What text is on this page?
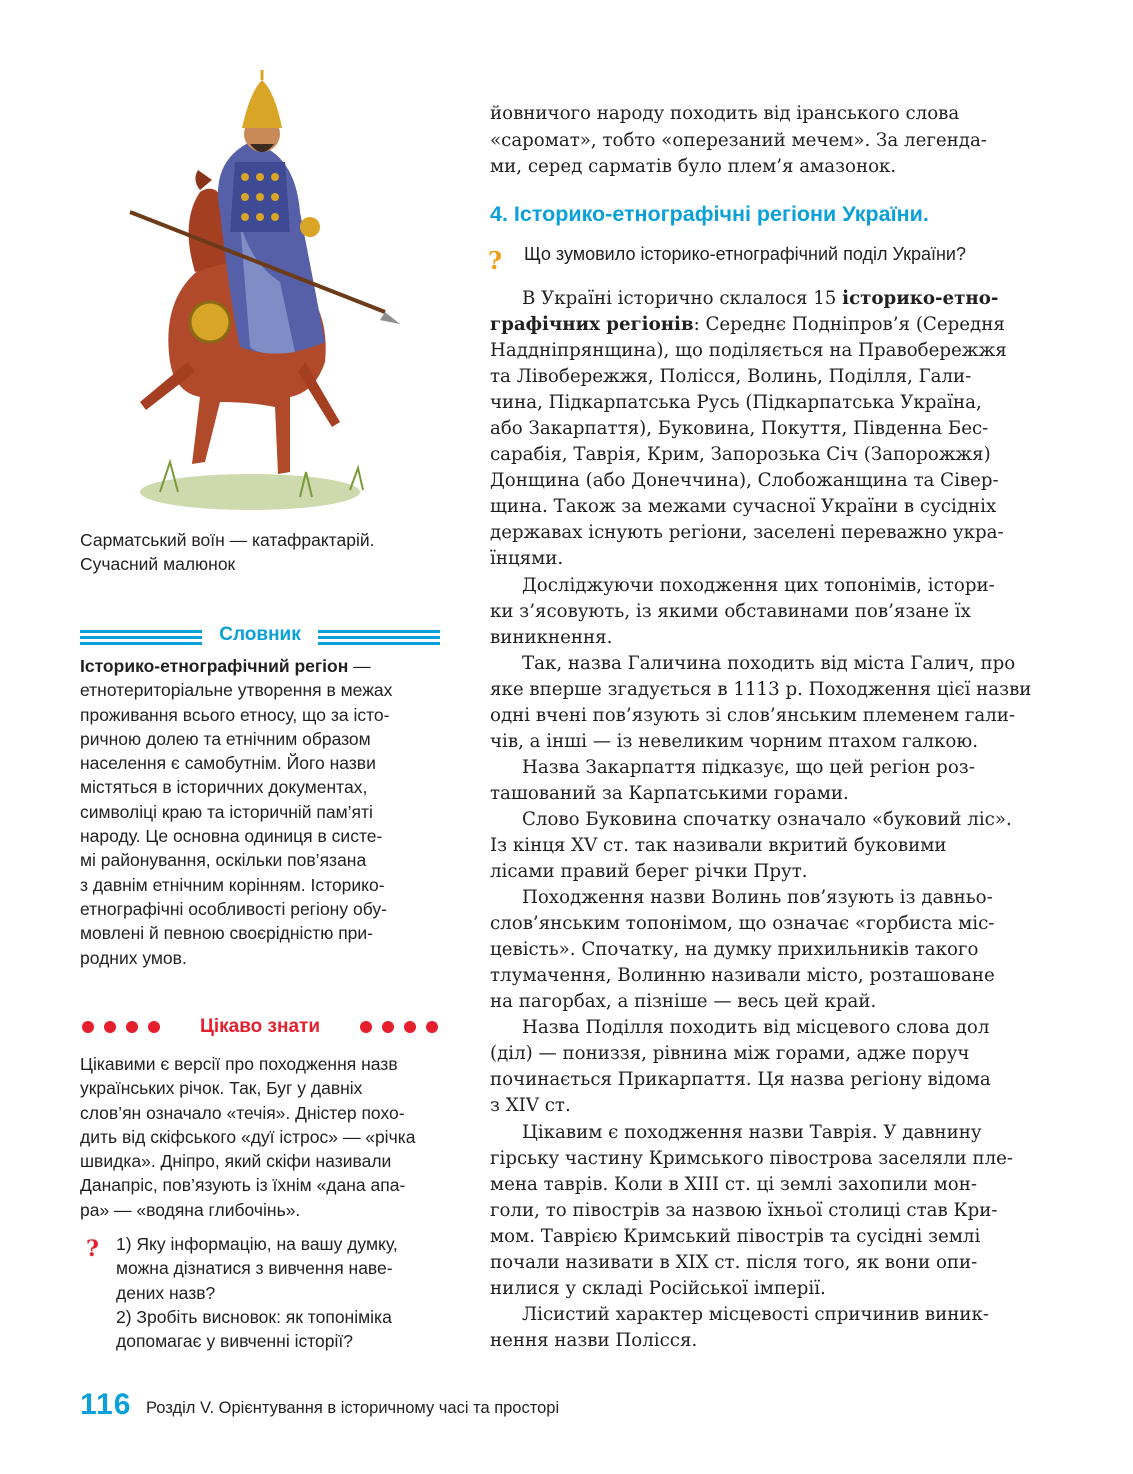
Сарматський воїн — катафрактарій.
Сучасний малюнок
Словник
Історико-етнографічний регіон —
етнотериторіальне утворення в межах
проживання всього етносу, що за істо-
ричною долею та етнічним образом
населення є самобутнім. Його назви
містяться в історичних документах,
символіці краю та історичній пам’яті
народу. Це основна одиниця в систе-
мі районування, оскільки пов’язана
з давнім етнічним корінням. Історико-
етнографічні особливості регіону обу-
мовлені й певною своєрідністю при-
родних умов.
Цікаво знати
Цікавими є версії про походження назв
українських річок. Так, Буг у давніх
слов’ян означало «течія». Дністер похо-
дить від скіфського «дуї істрос» — «річка
швидка». Дніпро, який скіфи називали
Данапріс, пов’язують із їхнім «дана апа-
ра» — «водяна глибочінь».
? 1) Яку інформацію, на вашу думку,
можна дізнатися з вивчення наве-
дених назв?
2) Зробіть висновок: як топоніміка
допомагає у вивченні історії?
йовничого народу походить від іранського слова
«саромат», тобто «оперезаний мечем». За легенда-
ми, серед сарматів було плем’я амазонок.
4. Історико-етнографічні регіони України.
? Що зумовило історико-етнографічний поділ України?
В Україні історично склалося 15 історико-етно-
графічних регіонів: Середнє Подніпров’я (Середня
Наддніпрянщина), що поділяється на Правобережжя
та Лівобережжя, Полісся, Волинь, Поділля, Гали-
чина, Підкарпатська Русь (Підкарпатська Україна,
або Закарпаття), Буковина, Покуття, Південна Бес-
сарабія, Таврія, Крим, Запорозька Січ (Запорожжя)
Донщина (або Донеччина), Слобожанщина та Сівер-
щина. Також за межами сучасної України в сусідніх
державах існують регіони, заселені переважно укра-
їнцями.
Досліджуючи походження цих топонімів, істори-
ки з’ясовують, із якими обставинами пов’язане їх
виникнення.
Так, назва Галичина походить від міста Галич, про
яке вперше згадується в 1113 р. Походження цієї назви
одні вчені пов’язують зі слов’янським племенем гали-
чів, а інші — із невеликим чорним птахом галкою.
Назва Закарпаття підказує, що цей регіон роз-
ташований за Карпатськими горами.
Слово Буковина спочатку означало «буковий ліс».
Із кінця XV ст. так називали вкритий буковими
лісами правий берег річки Прут.
Походження назви Волинь пов’язують із давньо-
слов’янським топонімом, що означає «горбиста міс-
цевість». Спочатку, на думку прихильників такого
тлумачення, Волинню називали місто, розташоване
на пагорбах, а пізніше — весь цей край.
Назва Поділля походить від місцевого слова дол
(діл) — пониззя, рівнина між горами, адже поруч
починається Прикарпаття. Ця назва регіону відома
з XIV ст.
Цікавим є походження назви Таврія. У давнину
гірську частину Кримського півострова заселяли пле-
мена таврів. Коли в XIII ст. ці землі захопили мон-
голи, то півострів за назвою їхньої столиці став Кри-
мом. Таврією Кримський півострів та сусідні землі
почали називати в XIX ст. після того, як вони опи-
нилися у складі Російської імперії.
Лісистий характер місцевості спричинив виник-
нення назви Полісся.
116 Розділ V. Орієнтування в історичному часі та просторі
